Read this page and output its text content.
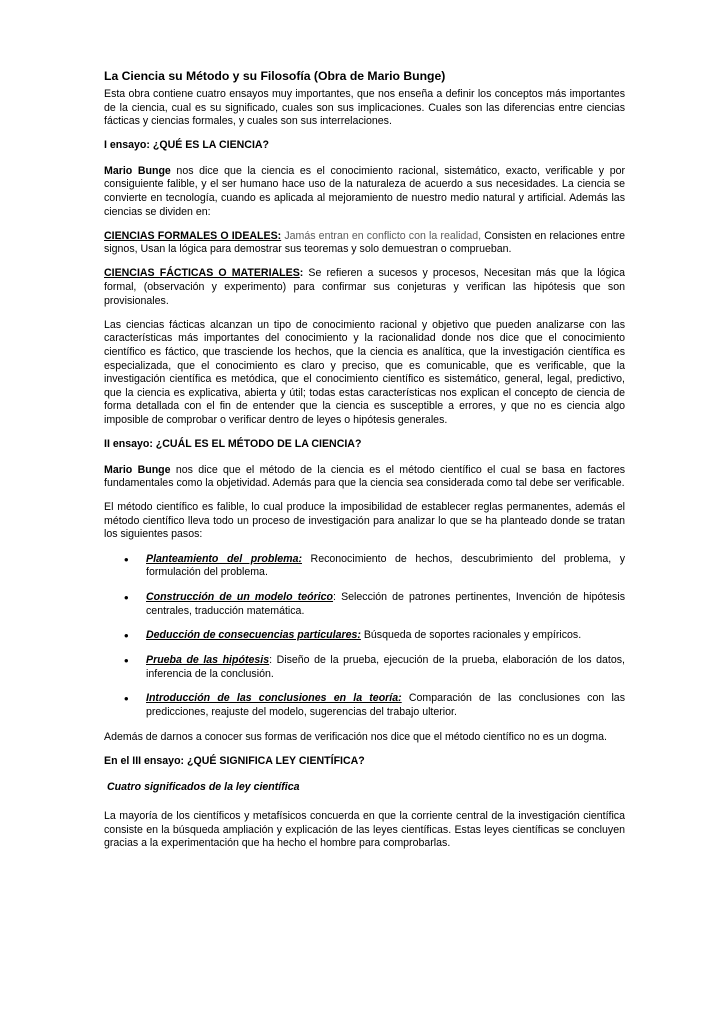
La Ciencia su Método y su Filosofía (Obra de Mario Bunge)

Esta obra contiene cuatro ensayos muy importantes, que nos enseña a definir los conceptos más importantes de la ciencia, cual es su significado, cuales son sus implicaciones. Cuales son las diferencias entre ciencias fácticas y ciencias formales, y cuales son sus interrelaciones.

I ensayo: ¿QUÉ ES LA CIENCIA?

Mario Bunge nos dice que la ciencia es el conocimiento racional, sistemático, exacto, verificable y por consiguiente falible, y el ser humano hace uso de la naturaleza de acuerdo a sus necesidades. La ciencia se convierte en tecnología, cuando es aplicada al mejoramiento de nuestro medio natural y artificial. Además las ciencias se dividen en:

CIENCIAS FORMALES O IDEALES: Jamás entran en conflicto con la realidad, Consisten en relaciones entre signos, Usan la lógica para demostrar sus teoremas y solo demuestran o comprueban.

CIENCIAS FÁCTICAS O MATERIALES: Se refieren a sucesos y procesos, Necesitan más que la lógica formal, (observación y experimento) para confirmar sus conjeturas y verifican las hipótesis que son provisionales.

Las ciencias fácticas alcanzan un tipo de conocimiento racional y objetivo que pueden analizarse con las características más importantes del conocimiento y la racionalidad donde nos dice que el conocimiento científico es fáctico, que trasciende los hechos, que la ciencia es analítica, que la investigación científica es especializada, que el conocimiento es claro y preciso, que es comunicable, que es verificable, que la investigación científica es metódica, que el conocimiento científico es sistemático, general, legal, predictivo, que la ciencia es explicativa, abierta y útil; todas estas características nos explican el concepto de ciencia de forma detallada con el fin de entender que la ciencia es susceptible a errores, y que no es ciencia algo imposible de comprobar o verificar dentro de leyes o hipótesis generales.

II ensayo: ¿CUÁL ES EL MÉTODO DE LA CIENCIA?

Mario Bunge nos dice que el método de la ciencia es el método científico el cual se basa en factores fundamentales como la objetividad. Además para que la ciencia sea considerada como tal debe ser verificable.

El método científico es falible, lo cual produce la imposibilidad de establecer reglas permanentes, además el método científico lleva todo un proceso de investigación para analizar lo que se ha planteado donde se tratan los siguientes pasos:

• Planteamiento del problema: Reconocimiento de hechos, descubrimiento del problema, y formulación del problema.
• Construcción de un modelo teórico: Selección de patrones pertinentes, Invención de hipótesis centrales, traducción matemática.
• Deducción de consecuencias particulares: Búsqueda de soportes racionales y empíricos.
• Prueba de las hipótesis: Diseño de la prueba, ejecución de la prueba, elaboración de los datos, inferencia de la conclusión.
• Introducción de las conclusiones en la teoría: Comparación de las conclusiones con las predicciones, reajuste del modelo, sugerencias del trabajo ulterior.

Además de darnos a conocer sus formas de verificación nos dice que el método científico no es un dogma.

En el III ensayo: ¿QUÉ SIGNIFICA LEY CIENTÍFICA?
Cuatro significados de la ley científica

La mayoría de los científicos y metafísicos concuerda en que la corriente central de la investigación científica consiste en la búsqueda ampliación y explicación de las leyes científicas. Estas leyes científicas se concluyen gracias a la experimentación que ha hecho el hombre para comprobarlas.
